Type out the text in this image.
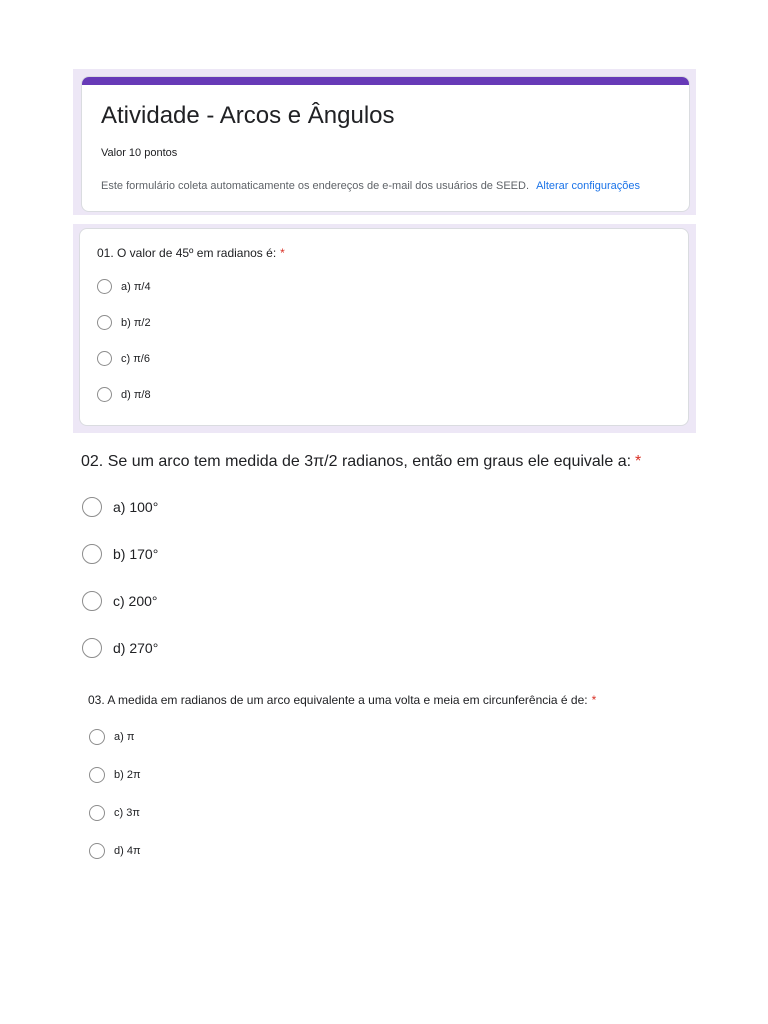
Atividade - Arcos e Ângulos
Valor 10 pontos
Este formulário coleta automaticamente os endereços de e-mail dos usuários de SEED. Alterar configurações
01. O valor de 45º em radianos é: *
a) π/4
b) π/2
c) π/6
d) π/8
02. Se um arco tem medida de 3π/2 radianos, então em graus ele equivale a: *
a) 100°
b) 170°
c) 200°
d) 270°
03. A medida em radianos de um arco equivalente a uma volta e meia em circunferência é de: *
a) π
b) 2π
c) 3π
d) 4π
